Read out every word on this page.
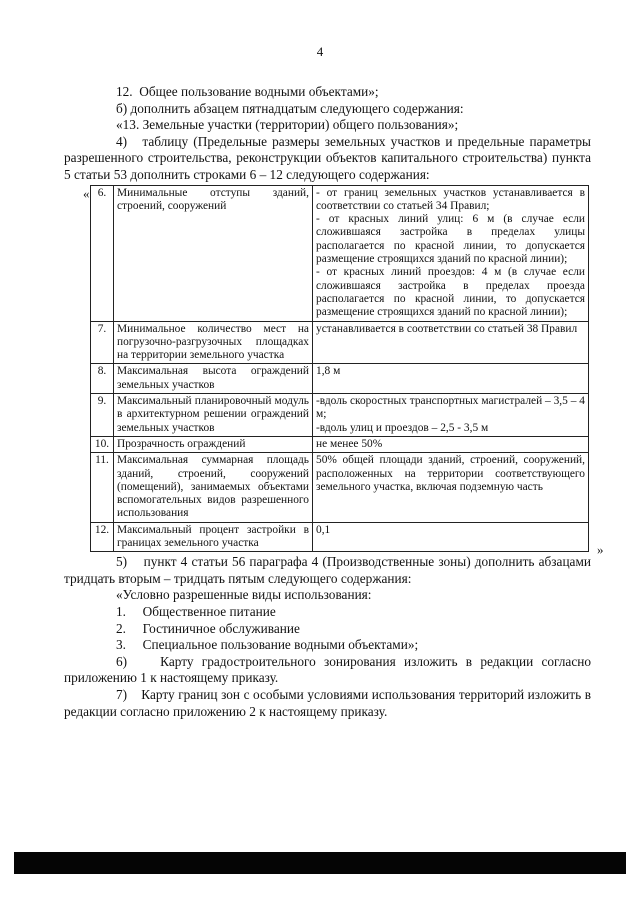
4

12.  Общее пользование водными объектами»;

б) дополнить абзацем пятнадцатым следующего содержания:

«13. Земельные участки (территории) общего пользования»;

4)   таблицу (Предельные размеры земельных участков и предельные параметры разрешенного строительства, реконструкции объектов капитального строительства) пункта 5 статьи 53 дополнить строками 6 – 12 следующего содержания:

« 6.	Минимальные отступы зданий, строений, сооружений	- от границ земельных участков устанавливается в соответствии со статьей 34 Правил;
- от красных линий улиц: 6 м (в случае если сложившаяся застройка в пределах улицы располагается по красной линии, то допускается размещение строящихся зданий по красной линии);
- от красных линий проездов: 4 м (в случае если сложившаяся застройка в пределах проезда располагается по красной линии, то допускается размещение строящихся зданий по красной линии);

7.	Минимальное количество мест на погрузочно-разгрузочных площадках на территории земельного участка	устанавливается в соответствии со статьей 38 Правил

8.	Максимальная высота ограждений земельных участков	1,8 м

9.	Максимальный планировочный модуль в архитектурном решении ограждений земельных участков	-вдоль скоростных транспортных магистралей – 3,5 – 4 м;
-вдоль улиц и проездов – 2,5 - 3,5 м

10.	Прозрачность ограждений	не менее 50%

11.	Максимальная суммарная площадь зданий, строений, сооружений (помещений), занимаемых объектами вспомогательных видов разрешенного использования	50% общей площади зданий, строений, сооружений, расположенных на территории соответствующего земельного участка, включая подземную часть

12.	Максимальный процент застройки в границах земельного участка	0,1
»

5)    пункт 4 статьи 56 параграфа 4 (Производственные зоны) дополнить абзацами тридцать вторым – тридцать пятым следующего содержания:

«Условно разрешенные виды использования:

1.     Общественное питание

2.     Гостиничное обслуживание

3.     Специальное пользование водными объектами»;

6)    Карту градостроительного зонирования изложить в редакции согласно приложению 1 к настоящему приказу.

7)    Карту границ зон с особыми условиями использования территорий изложить в редакции согласно приложению 2 к настоящему приказу.
